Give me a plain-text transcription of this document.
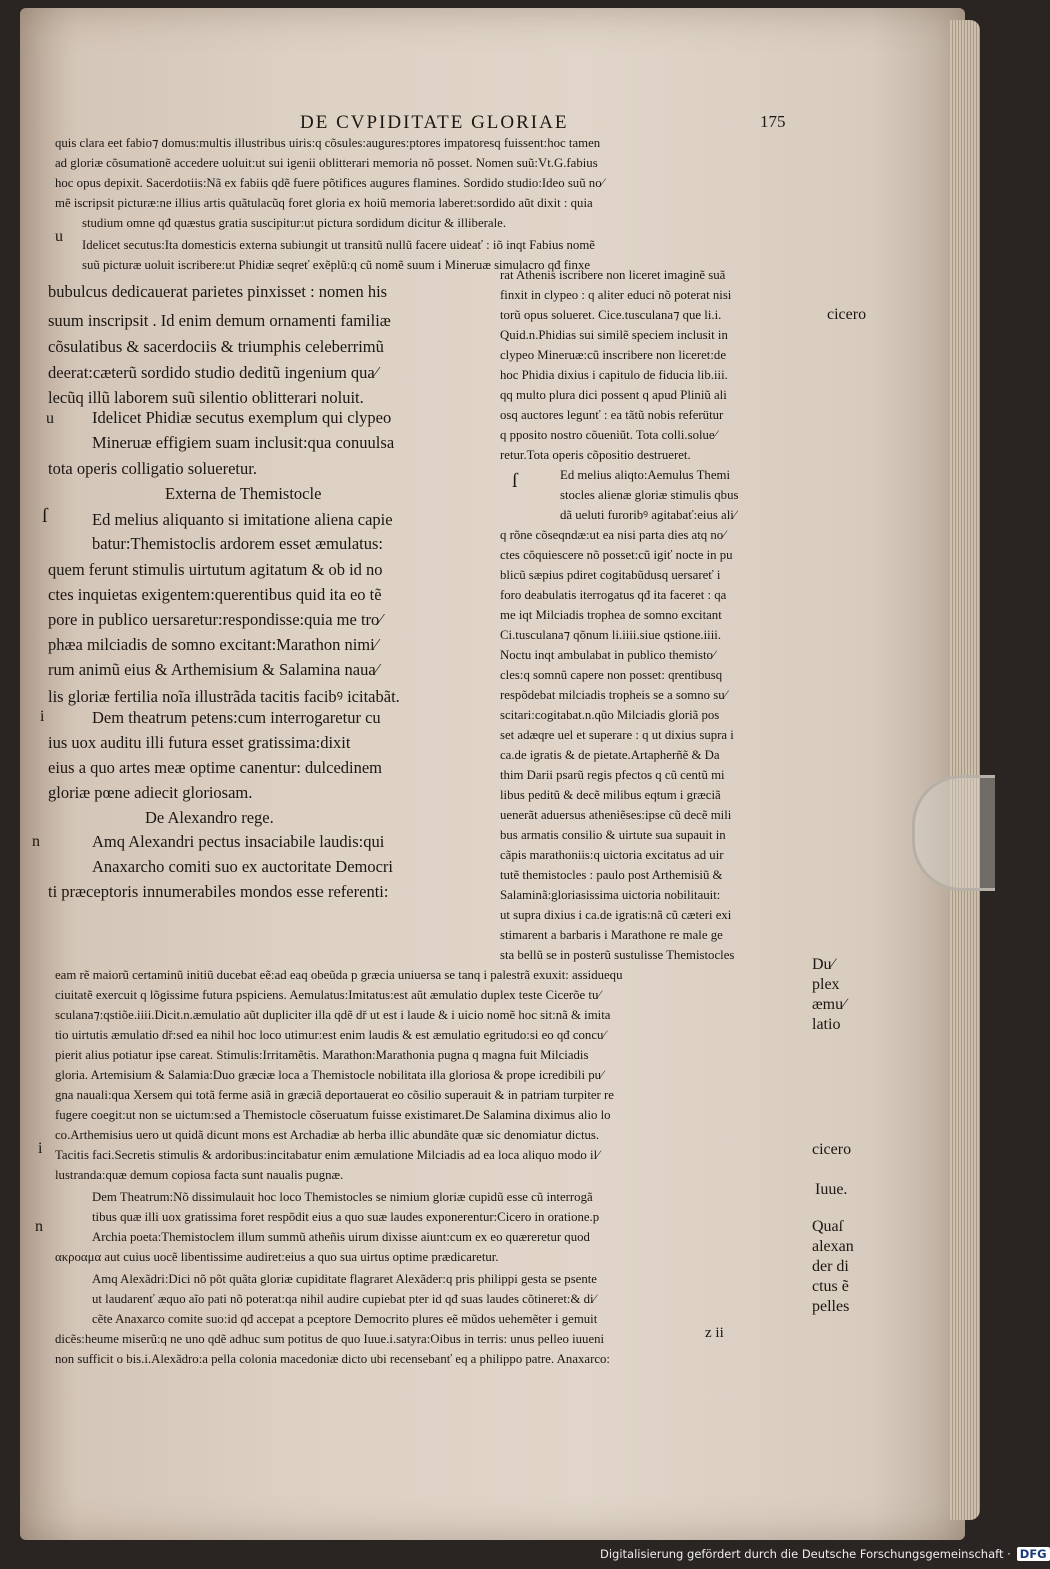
DE CVPIDITATE GLORIAE	175
quis clara eet fabio⁊ domus:multis illustribus uiris:q cõsules:augures:ptores impatoresq fuissent:hoc tamen
ad gloriæ cõsumationẽ accedere uoluit:ut sui igenii oblitterari memoria nõ posset. Nomen suũ:Vt.G.fabius
hoc opus depixit. Sacerdotiis:Nã ex fabiis qdẽ fuere põtifices augures flamines. Sordido studio:Ideo suũ no⁄
mẽ iscripsit picturæ:ne illius artis quãtulacũq foret gloria ex hoiũ memoria laberet:sordido aũt dixit : quia
studium omne qđ quæstus gratia suscipitur:ut pictura sordidum dicitur & illiberale.
Idelicet secutus:Ita domesticis externa subiungit ut transitũ nullũ facere uideať : iõ inqt Fabius nomẽ
suũ picturæ uoluit iscribere:ut Phidiæ seqreť exẽplũ:q cũ nomẽ suum i Mineruæ simulacro qđ finxe
bubulcus dedicauerat parietes pinxisset : nomen his
suum inscripsit . Id enim demum ornamenti familiæ
cõsulatibus & sacerdociis & triumphis celeberrimũ
deerat:cæterũ sordido studio deditũ ingenium qua⁄
lecũq illũ laborem suũ silentio oblitterari noluit.
Idelicet Phidiæ secutus exemplum qui clypeo
Mineruæ effigiem suam inclusit:qua conuulsa
tota operis colligatio solueretur.
Externa de Themistocle
Ed melius aliquanto si imitatione aliena capie
batur:Themistoclis ardorem esset æmulatus:
quem ferunt stimulis uirtutum agitatum & ob id no
ctes inquietas exigentem:querentibus quid ita eo tẽ
pore in publico uersaretur:respondisse:quia me tro⁄
phæa milciadis de somno excitant:Marathon nimi⁄
rum animũ eius & Arthemisium & Salamina naua⁄
lis gloriæ fertilia noĩa illustrãda tacitis facibꝰ icitabãt.
Dem theatrum petens:cum interrogaretur cu
ius uox auditu illi futura esset gratissima:dixit
eius a quo artes meæ optime canentur: dulcedinem
gloriæ pœne adiecit gloriosam.
De Alexandro rege.
Amq Alexandri pectus insaciabile laudis:qui
Anaxarcho comiti suo ex auctoritate Democri
ti præceptoris innumerabiles mondos esse referenti:
rat Athenis iscribere non liceret imaginẽ suã
finxit in clypeo : q aliter educi nõ poterat nisi
torũ opus solueret. Cice.tusculana⁊ que li.i.
Quid.n.Phidias sui similẽ speciem inclusit in
clypeo Mineruæ:cũ inscribere non liceret:de
hoc Phidia dixius i capitulo de fiducia lib.iii.
qq multo plura dici possent q apud Pliniũ ali
osq auctores legunť : ea tãtũ nobis referütur
q pposito nostro cõueniũt. Tota colli.solue⁄
retur.Tota operis cõpositio destrueret.
Ed melius aliqto:Aemulus Themi
stocles alienæ gloriæ stimulis qbus
dã ueluti furoribꝰ agitabať:eius ali⁄
q rõne cõseqndæ:ut ea nisi parta dies atq no⁄
ctes cõquiescere nõ posset:cũ igiť nocte in pu
blicũ sæpius pdiret cogitabũdusq uersareť i
foro deabulatis iterrogatus qđ ita faceret : qa
me iqt Milciadis trophea de somno excitant
Ci.tusculana⁊ qõnum li.iiii.siue qstione.iiii.
Noctu inqt ambulabat in publico themisto⁄
cles:q somnũ capere non posset: qrentibusq
respõdebat milciadis tropheis se a somno su⁄
scitari:cogitabat.n.qũo Milciadis gloriã pos
set adæqre uel et superare : q ut dixius supra i
ca.de igratis & de pietate.Artapherñẽ & Da
thim Darii psarũ regis pfectos q cũ centũ mi
libus peditũ & decẽ milibus eqtum i græciã
uenerãt aduersus atheniẽses:ipse cũ decẽ mili
bus armatis consilio & uirtute sua supauit in
cãpis marathoniis:q uictoria excitatus ad uir
tutẽ themistocles : paulo post Arthemisiũ &
Salaminã:gloriasissima uictoria nobilitauit:
ut supra dixius i ca.de igratis:nã cũ cæteri exi
stimarent a barbaris i Marathone re male ge
sta bellũ se in posterũ sustulisse Themistocles
eam rẽ maiorũ certaminũ initiũ ducebat eẽ:ad eaq obeũda p græcia uniuersa se tanq i palestrã exuxit: assiduequ
ciuitatẽ exercuit q lõgissime futura pspiciens. Aemulatus:Imitatus:est aũt æmulatio duplex teste Cicerõe tu⁄
sculana⁊:qstiõe.iiii.Dicit.n.æmulatio aũt dupliciter illa qdẽ dř ut est i laude & i uicio nomẽ hoc sit:nã & imita
tio uirtutis æmulatio dř:sed ea nihil hoc loco utimur:est enim laudis & est æmulatio egritudo:si eo qđ concu⁄
pierit alius potiatur ipse careat. Stimulis:Irritamẽtis. Marathon:Marathonia pugna q magna fuit Milciadis
gloria. Artemisium & Salamia:Duo græciæ loca a Themistocle nobilitata illa gloriosa & prope icredibili pu⁄
gna nauali:qua Xersem qui totã ferme asiã in græciã deportauerat eo cõsilio superauit & in patriam turpiter re
fugere coegit:ut non se uictum:sed a Themistocle cõseruatum fuisse existimaret.De Salamina diximus alio lo
co.Arthemisius uero ut quidã dicunt mons est Archadiæ ab herba illic abundãte quæ sic denomiatur dictus.
Tacitis faci.Secretis stimulis & ardoribus:incitabatur enim æmulatione Milciadis ad ea loca aliquo modo il⁄
lustranda:quæ demum copiosa facta sunt naualis pugnæ.
Dem Theatrum:Nõ dissimulauit hoc loco Themistocles se nimium gloriæ cupidũ esse cũ interrogã
tibus quæ illi uox gratissima foret respõdit eius a quo suæ laudes exponerentur:Cicero in oratione.p
Archia poeta:Themistoclem illum summũ atheñis uirum dixisse aiunt:cum ex eo quæreretur quod
ακροαμα aut cuius uocẽ libentissime audiret:eius a quo sua uirtus optime prædicaretur.
Amq Alexãdri:Dici nõ põt quãta gloriæ cupiditate flagraret Alexãder:q pris philippi gesta se psente
ut laudarenť æquo aĩo pati nõ poterat:qa nihil audire cupiebat pter id qđ suas laudes cõtineret:& di⁄
cẽte Anaxarco comite suo:id qđ accepat a pceptore Democrito plures eẽ mũdos uehemẽter i gemuit
dicẽs:heume miserũ:q ne uno qdẽ adhuc sum potitus de quo Iuue.i.satyra:Oibus in terris: unus pelleo iuueni
non sufficit o bis.i.Alexãdro:a pella colonia macedoniæ dicto ubi recensebanť eq a philippo patre. Anaxarco:
u
u
ſ
ſ
i
n
i
n
cicero
Du⁄
plex
æmu⁄
latio
cicero
Iuue.
Quaſ
alexan
der di
ctus ẽ
pelles
z ii
Digitalisierung gefördert durch die Deutsche Forschungsgemeinschaft · DFG
